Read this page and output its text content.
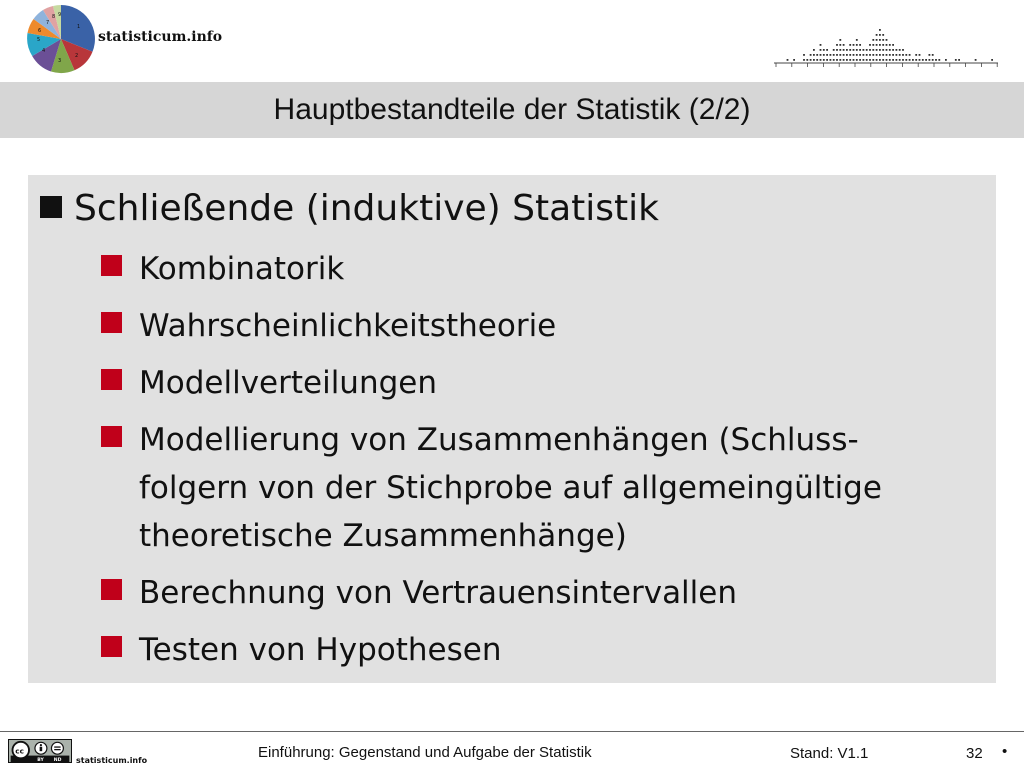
1
2
3
4
5
6
7
8 9
statisticum.info
Hauptbestandteile der Statistik (2/2)
Schließende (induktive) Statistik
Kombinatorik
Wahrscheinlichkeitstheorie
Modellverteilungen
Modellierung von Zusammenhängen (Schluss-folgern von der Stichprobe auf allgemeingültige theoretische Zusammenhänge)
Berechnung von Vertrauensintervallen
Testen von Hypothesen
cc
BY ND statisticum.info	Einführung: Gegenstand und Aufgabe der Statistik	Stand: V1.1	32 •
